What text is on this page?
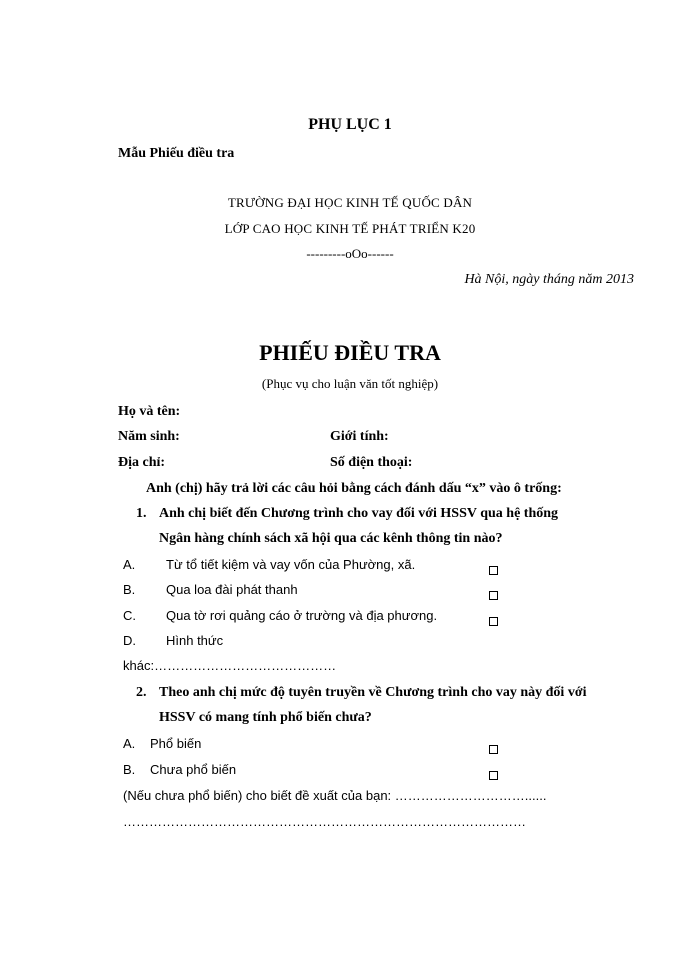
PHỤ LỤC 1
Mẫu Phiếu điều tra
TRƯỜNG ĐẠI HỌC KINH TẾ QUỐC DÂN
LỚP CAO HỌC KINH TẾ PHÁT TRIỂN K20
---------oOo------
Hà Nội, ngày tháng năm 2013
PHIẾU ĐIỀU TRA
(Phục vụ cho luận văn tốt nghiệp)
Họ và tên:
Năm sinh:	Giới tính:
Địa chỉ:	Số điện thoại:
Anh (chị) hãy trả lời các câu hỏi bằng cách đánh dấu “x” vào ô trống:
1. Anh chị biết đến Chương trình cho vay đối với HSSV qua hệ thống
Ngân hàng chính sách xã hội qua các kênh thông tin nào?
A. Từ tổ tiết kiệm và vay vốn của Phường, xã.
B. Qua loa đài phát thanh
C. Qua tờ rơi quảng cáo ở trường và địa phương.
D. Hình thức
khác:……………………………………
2. Theo anh chị mức độ tuyên truyền về Chương trình cho vay này đối với
HSSV có mang tính phổ biến chưa?
A. Phổ biến
B. Chưa phổ biến
(Nếu chưa phổ biến) cho biết đề xuất của bạn: …………………………......
…………………………………………………………………………………
